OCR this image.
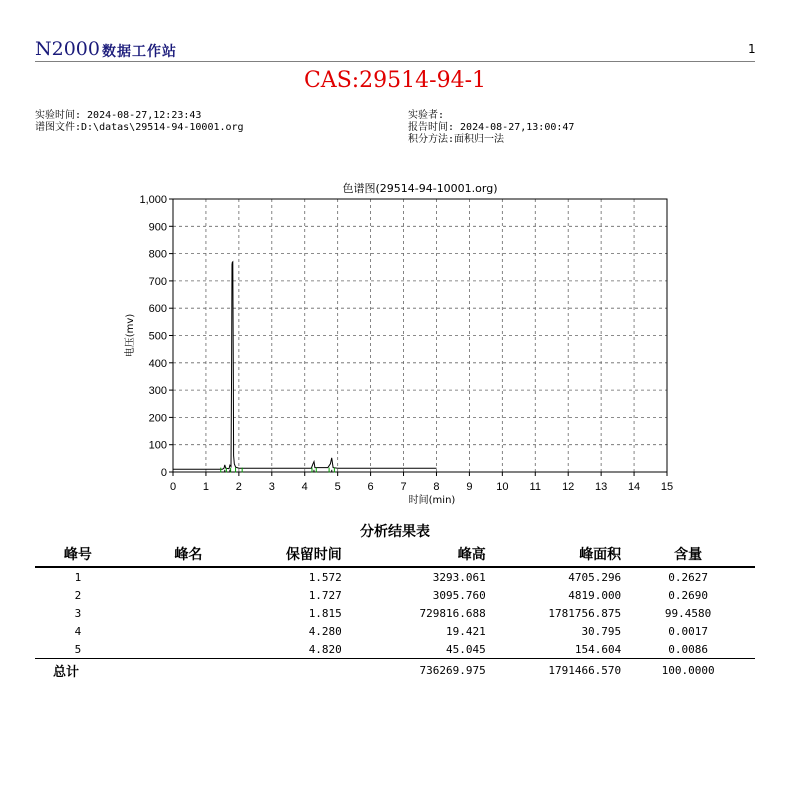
N2000 数据工作站	1
CAS:29514-94-1
实验时间: 2024-08-27,12:23:43
谱图文件:D:\datas\29514-94-10001.org
实验者:
报告时间: 2024-08-27,13:00:47
积分方法:面积归一法
色谱图(29514-94-10001.org)
0 1 2 3 4 5 6 7 8 9 10 11 12 13 14 15
0
100
200
300
400
500
600
700
800
900
1,000
时间(min)
电压(mv)
分析结果表
峰号	峰名	保留时间	峰高	峰面积	含量
1		1.572	3293.061	4705.296	0.2627
2		1.727	3095.760	4819.000	0.2690
3		1.815	729816.688	1781756.875	99.4580
4		4.280	19.421	30.795	0.0017
5		4.820	45.045	154.604	0.0086
总计			736269.975	1791466.570	100.0000
